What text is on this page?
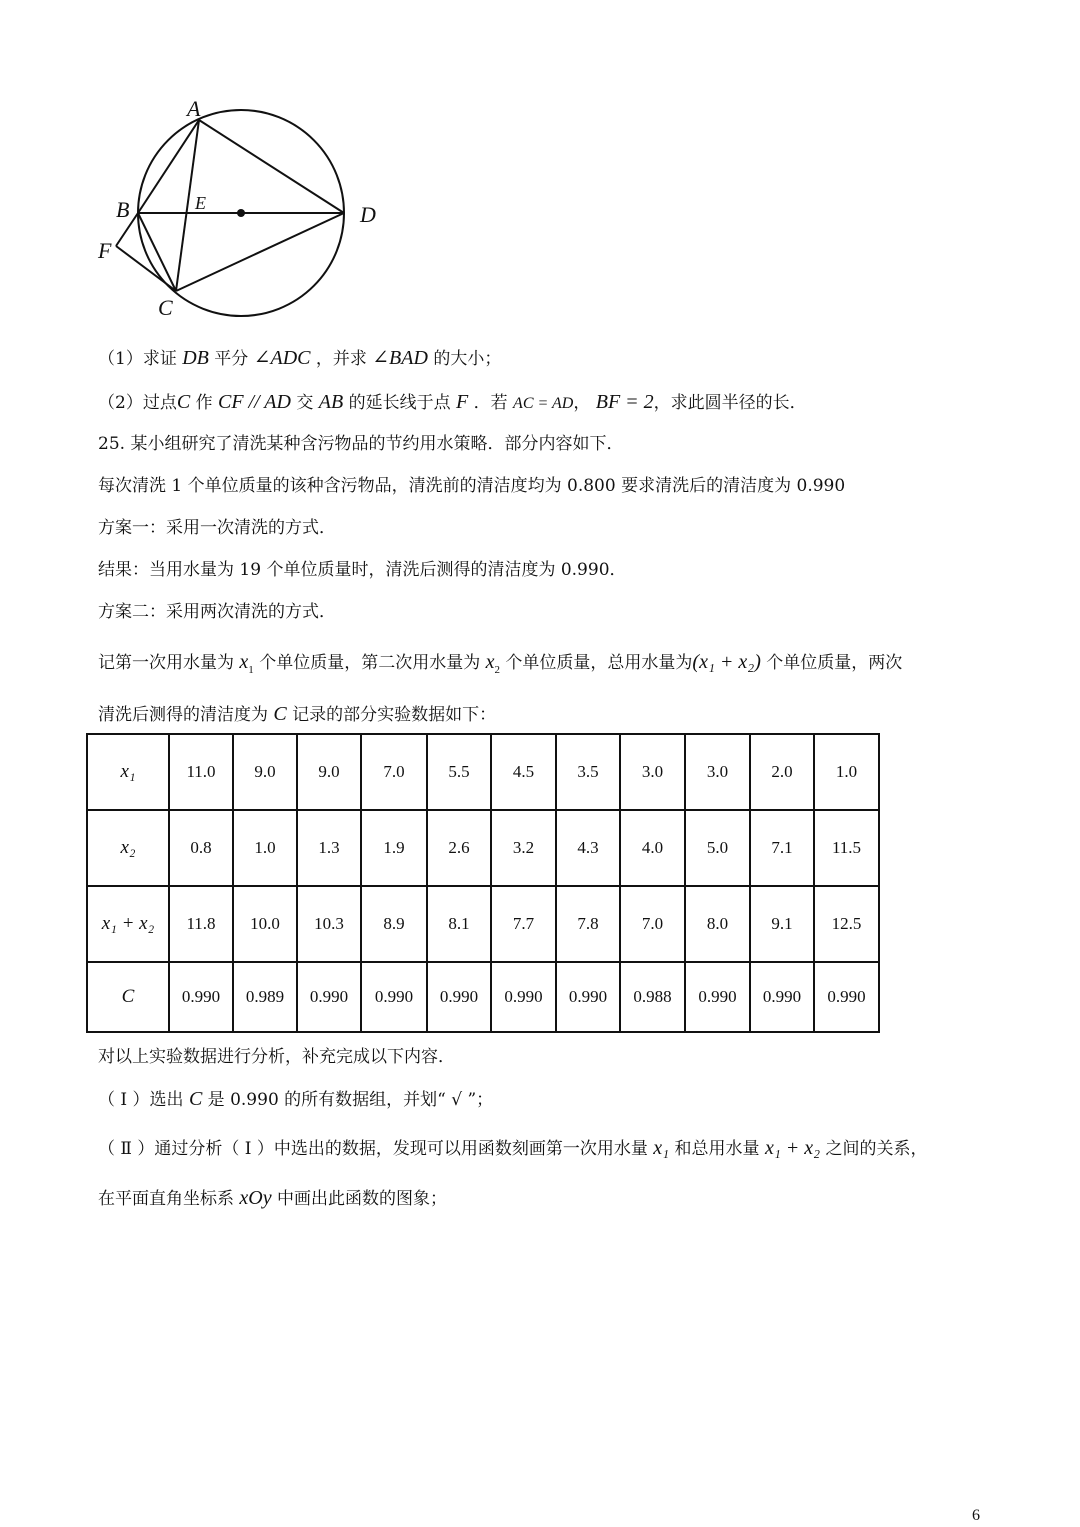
A
B
C
D
F
E
（1）求证 DB 平分 ∠ADC ，并求 ∠BAD 的大小；
（2）过点C 作 CF // AD 交 AB 的延长线于点 F ．若 AC = AD， BF = 2，求此圆半径的长．
25. 某小组研究了清洗某种含污物品的节约用水策略．部分内容如下．
每次清洗 1 个单位质量的该种含污物品，清洗前的清洁度均为 0.800 要求清洗后的清洁度为 0.990
方案一：采用一次清洗的方式．
结果：当用水量为 19 个单位质量时，清洗后测得的清洁度为 0.990．
方案二：采用两次清洗的方式．
记第一次用水量为 $x_1$ 个单位质量，第二次用水量为 $x_2$ 个单位质量，总用水量为(x₁ + x₂) 个单位质量，两次
清洗后测得的清洁度为 C 记录的部分实验数据如下：
x₁	11.0	9.0	9.0	7.0	5.5	4.5	3.5	3.0	3.0	2.0	1.0
x₂	0.8	1.0	1.3	1.9	2.6	3.2	4.3	4.0	5.0	7.1	11.5
x₁ + x₂	11.8	10.0	10.3	8.9	8.1	7.7	7.8	7.0	8.0	9.1	12.5
C	0.990	0.989	0.990	0.990	0.990	0.990	0.990	0.988	0.990	0.990	0.990
对以上实验数据进行分析，补充完成以下内容．
（ Ⅰ ）选出 C 是 0.990 的所有数据组，并划“ √ ”；
（ Ⅱ ）通过分析（ Ⅰ ）中选出的数据，发现可以用函数刻画第一次用水量 x₁ 和总用水量 x₁ + x₂ 之间的关系，
在平面直角坐标系 xOy 中画出此函数的图象；
6
